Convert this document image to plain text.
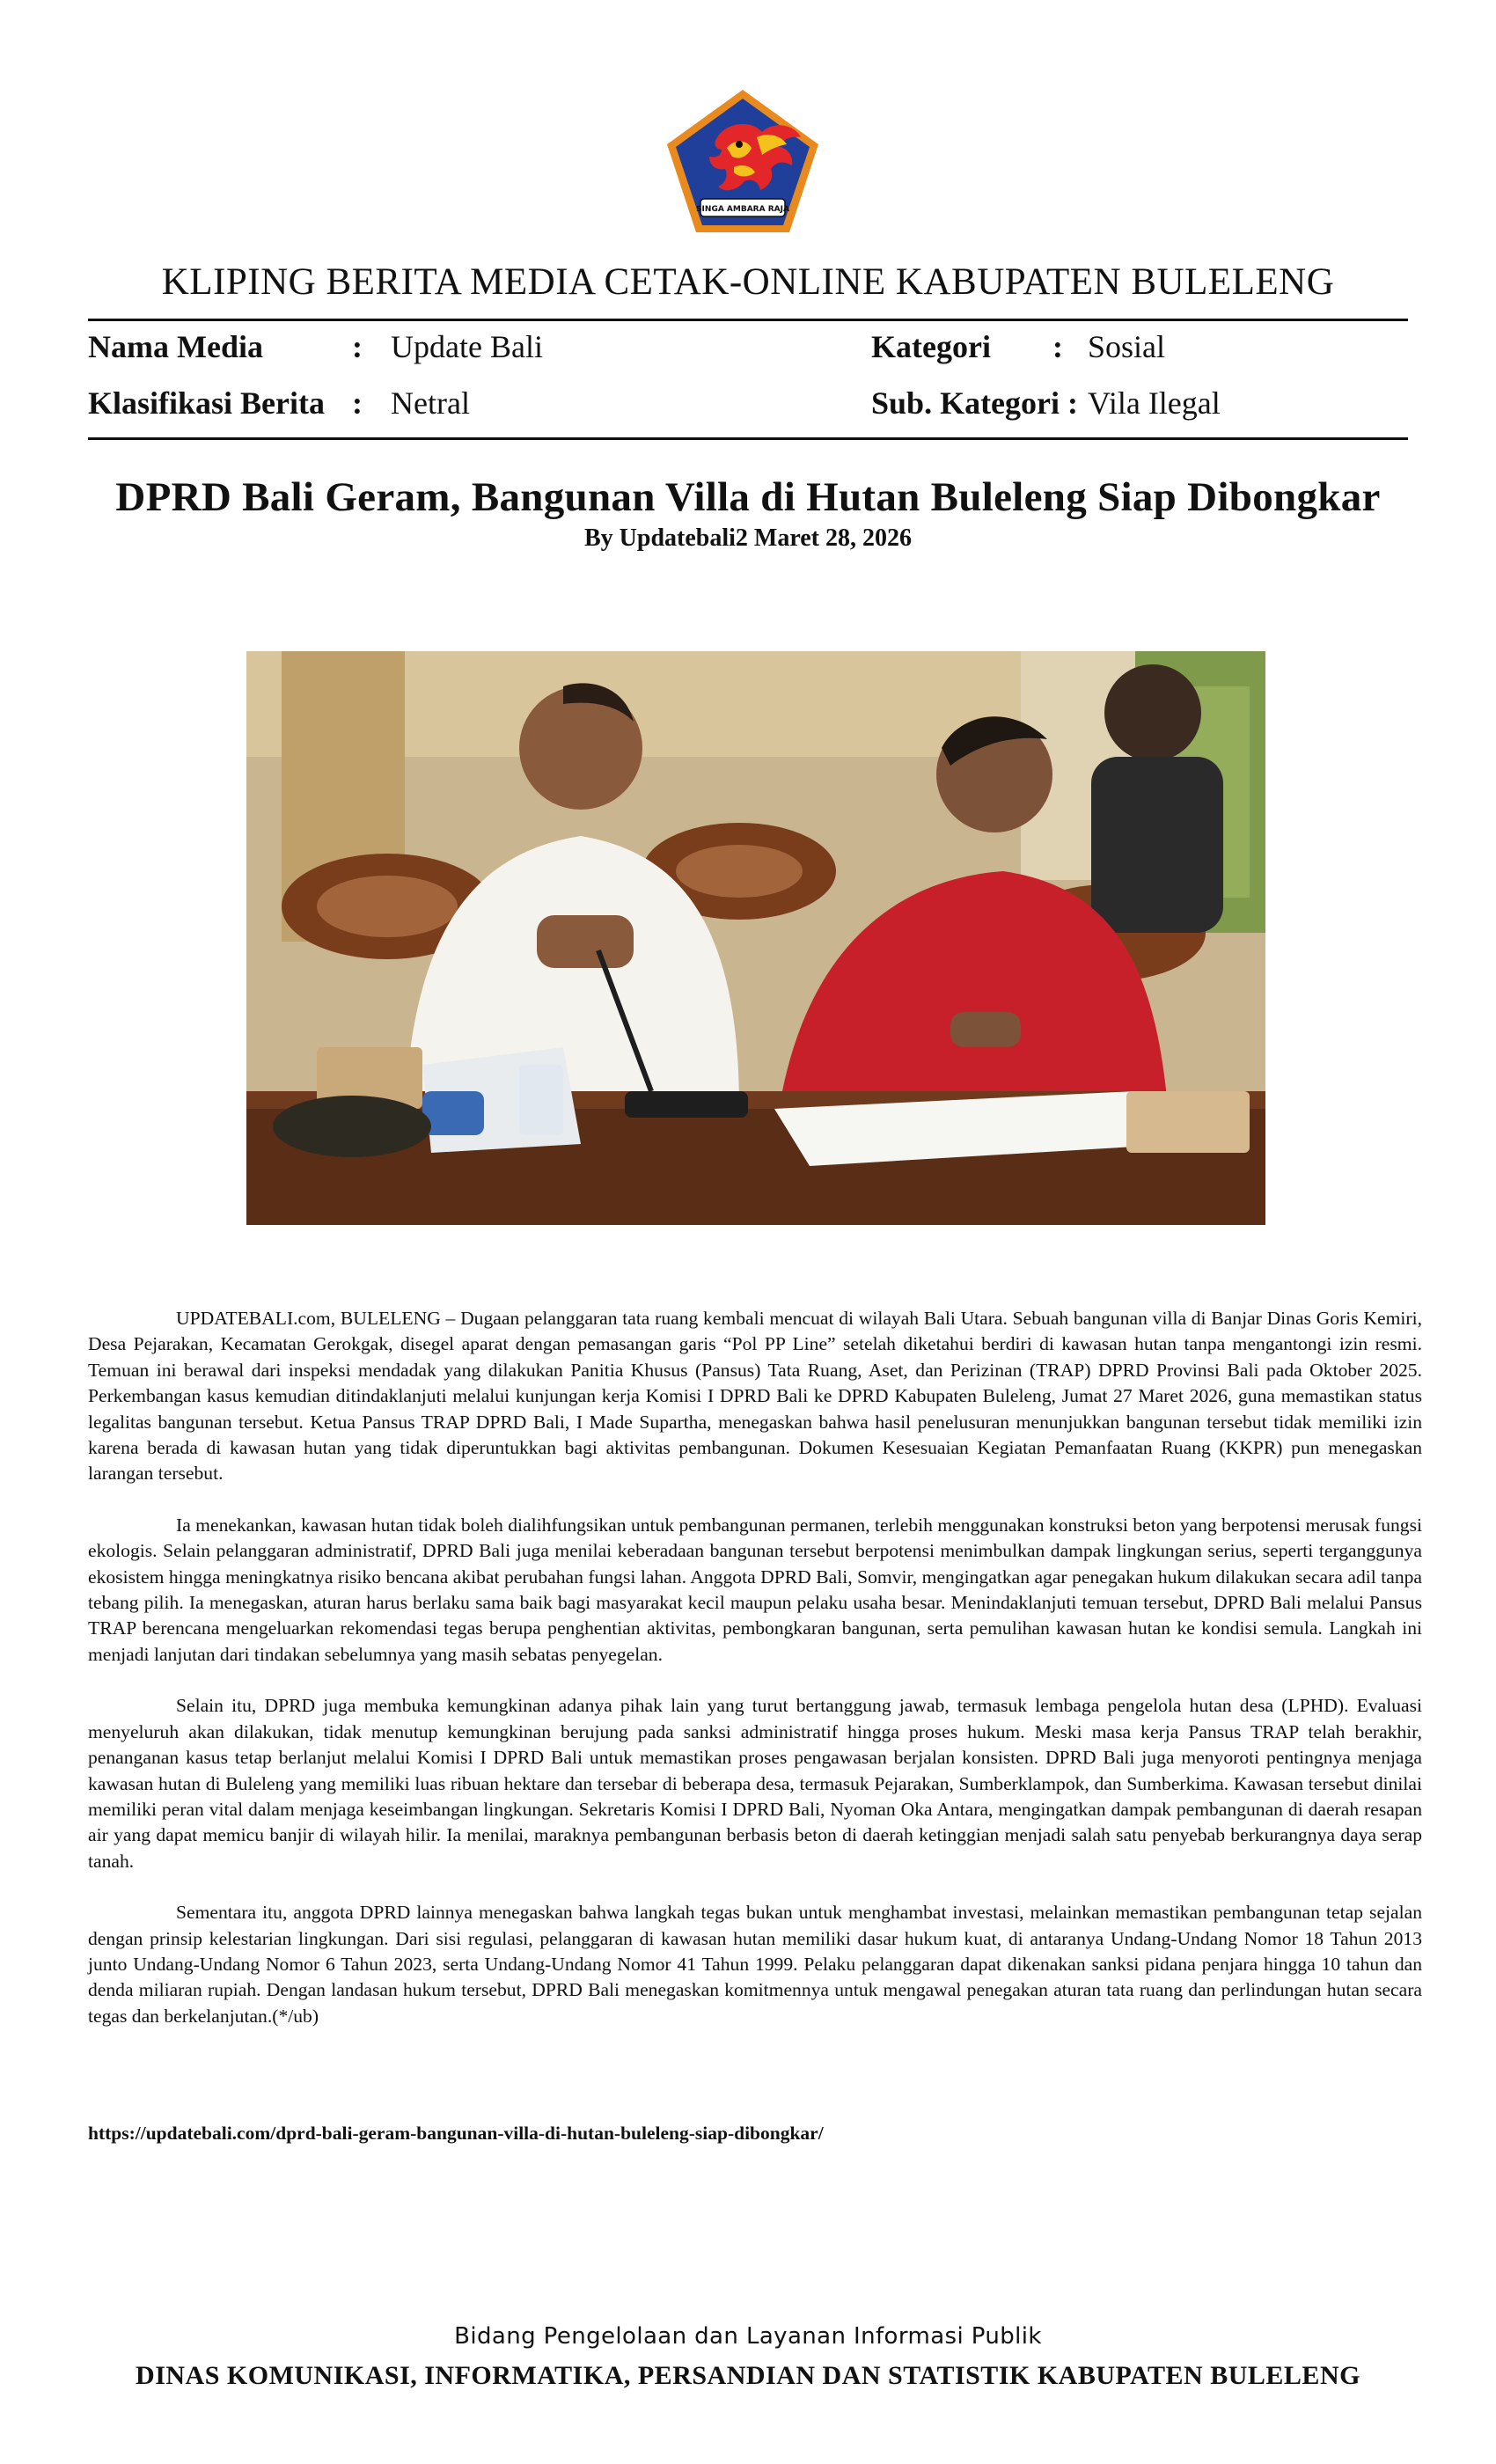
SINGA AMBARA RAJA
KLIPING BERITA MEDIA CETAK-ONLINE KABUPATEN BULELENG
Nama Media	: Update Bali	Kategori : Sosial
Klasifikasi Berita : Netral	Sub. Kategori : Vila Ilegal
DPRD Bali Geram, Bangunan Villa di Hutan Buleleng Siap Dibongkar
By Updatebali2 Maret 28, 2026

UPDATEBALI.com, BULELENG – Dugaan pelanggaran tata ruang kembali mencuat di wilayah Bali Utara. Sebuah bangunan villa di Banjar Dinas Goris Kemiri, Desa Pejarakan, Kecamatan Gerokgak, disegel aparat dengan pemasangan garis “Pol PP Line” setelah diketahui berdiri di kawasan hutan tanpa mengantongi izin resmi. Temuan ini berawal dari inspeksi mendadak yang dilakukan Panitia Khusus (Pansus) Tata Ruang, Aset, dan Perizinan (TRAP) DPRD Provinsi Bali pada Oktober 2025. Perkembangan kasus kemudian ditindaklanjuti melalui kunjungan kerja Komisi I DPRD Bali ke DPRD Kabupaten Buleleng, Jumat 27 Maret 2026, guna memastikan status legalitas bangunan tersebut. Ketua Pansus TRAP DPRD Bali, I Made Supartha, menegaskan bahwa hasil penelusuran menunjukkan bangunan tersebut tidak memiliki izin karena berada di kawasan hutan yang tidak diperuntukkan bagi aktivitas pembangunan. Dokumen Kesesuaian Kegiatan Pemanfaatan Ruang (KKPR) pun menegaskan larangan tersebut.

Ia menekankan, kawasan hutan tidak boleh dialihfungsikan untuk pembangunan permanen, terlebih menggunakan konstruksi beton yang berpotensi merusak fungsi ekologis. Selain pelanggaran administratif, DPRD Bali juga menilai keberadaan bangunan tersebut berpotensi menimbulkan dampak lingkungan serius, seperti terganggunya ekosistem hingga meningkatnya risiko bencana akibat perubahan fungsi lahan. Anggota DPRD Bali, Somvir, mengingatkan agar penegakan hukum dilakukan secara adil tanpa tebang pilih. Ia menegaskan, aturan harus berlaku sama baik bagi masyarakat kecil maupun pelaku usaha besar. Menindaklanjuti temuan tersebut, DPRD Bali melalui Pansus TRAP berencana mengeluarkan rekomendasi tegas berupa penghentian aktivitas, pembongkaran bangunan, serta pemulihan kawasan hutan ke kondisi semula. Langkah ini menjadi lanjutan dari tindakan sebelumnya yang masih sebatas penyegelan.

Selain itu, DPRD juga membuka kemungkinan adanya pihak lain yang turut bertanggung jawab, termasuk lembaga pengelola hutan desa (LPHD). Evaluasi menyeluruh akan dilakukan, tidak menutup kemungkinan berujung pada sanksi administratif hingga proses hukum. Meski masa kerja Pansus TRAP telah berakhir, penanganan kasus tetap berlanjut melalui Komisi I DPRD Bali untuk memastikan proses pengawasan berjalan konsisten. DPRD Bali juga menyoroti pentingnya menjaga kawasan hutan di Buleleng yang memiliki luas ribuan hektare dan tersebar di beberapa desa, termasuk Pejarakan, Sumberklampok, dan Sumberkima. Kawasan tersebut dinilai memiliki peran vital dalam menjaga keseimbangan lingkungan. Sekretaris Komisi I DPRD Bali, Nyoman Oka Antara, mengingatkan dampak pembangunan di daerah resapan air yang dapat memicu banjir di wilayah hilir. Ia menilai, maraknya pembangunan berbasis beton di daerah ketinggian menjadi salah satu penyebab berkurangnya daya serap tanah.

Sementara itu, anggota DPRD lainnya menegaskan bahwa langkah tegas bukan untuk menghambat investasi, melainkan memastikan pembangunan tetap sejalan dengan prinsip kelestarian lingkungan. Dari sisi regulasi, pelanggaran di kawasan hutan memiliki dasar hukum kuat, di antaranya Undang-Undang Nomor 18 Tahun 2013 junto Undang-Undang Nomor 6 Tahun 2023, serta Undang-Undang Nomor 41 Tahun 1999. Pelaku pelanggaran dapat dikenakan sanksi pidana penjara hingga 10 tahun dan denda miliaran rupiah. Dengan landasan hukum tersebut, DPRD Bali menegaskan komitmennya untuk mengawal penegakan aturan tata ruang dan perlindungan hutan secara tegas dan berkelanjutan.(*/ub)

https://updatebali.com/dprd-bali-geram-bangunan-villa-di-hutan-buleleng-siap-dibongkar/
Bidang Pengelolaan dan Layanan Informasi Publik
DINAS KOMUNIKASI, INFORMATIKA, PERSANDIAN DAN STATISTIK KABUPATEN BULELENG
